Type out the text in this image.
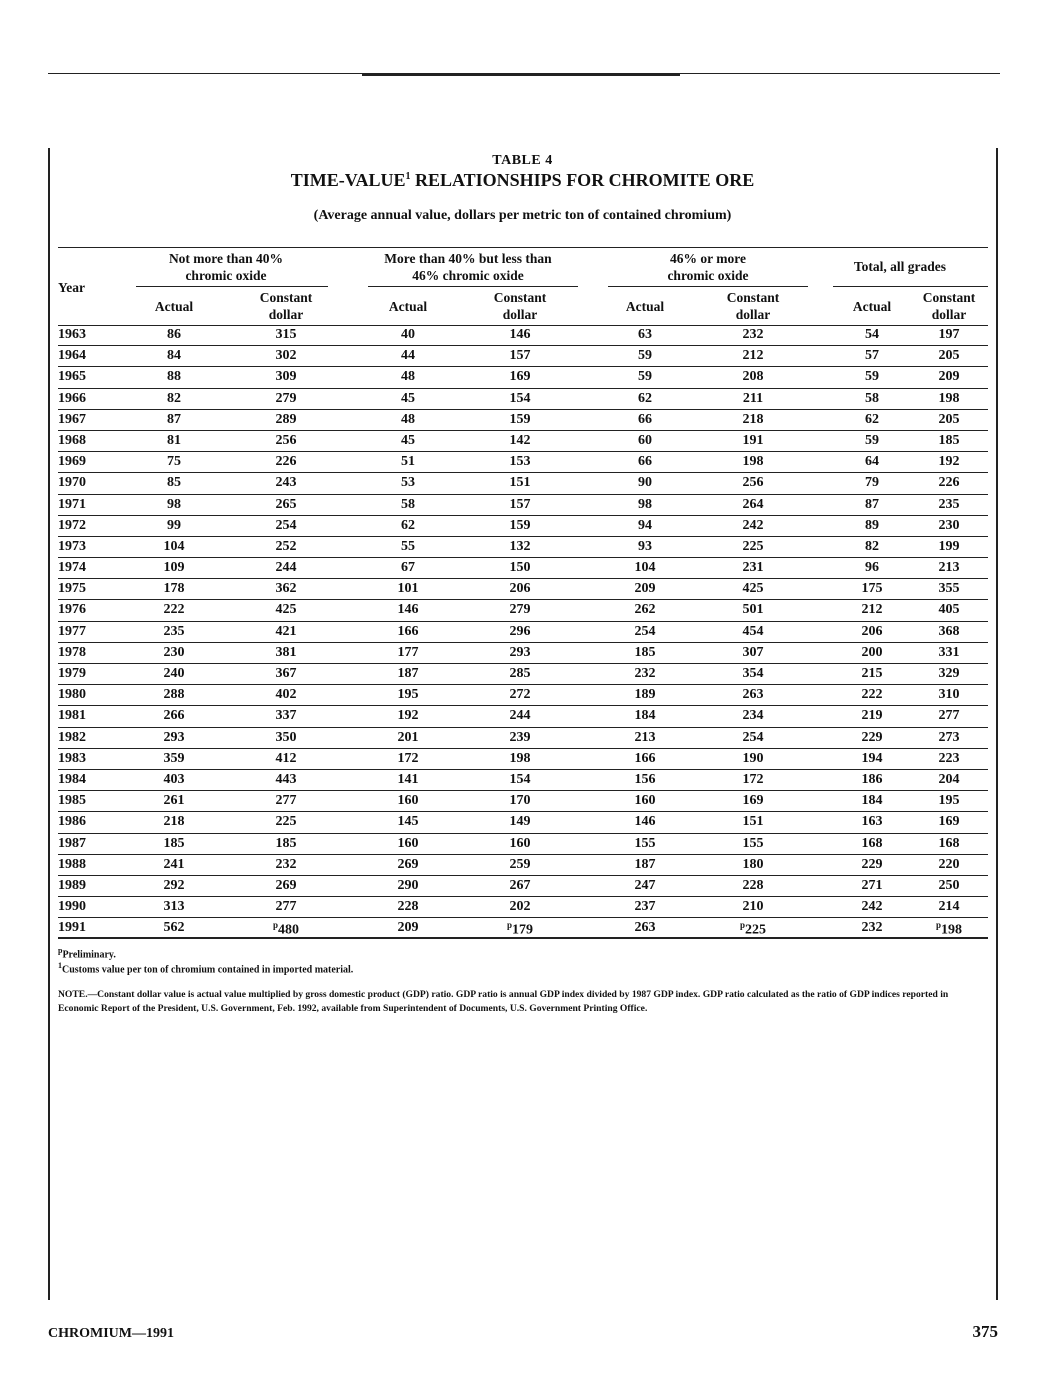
TABLE 4
TIME-VALUE$^1$ RELATIONSHIPS FOR CHROMITE ORE
(Average annual value, dollars per metric ton of contained chromium)
Year
Not more than 40%
chromic oxide
More than 40% but less than
46% chromic oxide
46% or more
chromic oxide
Total, all grades
Actual
Constant
dollar
Actual
Constant
dollar
Actual
Constant
dollar
Actual
Constant
dollar
1963	86	315	40	146	63	232	54	197
1964	84	302	44	157	59	212	57	205
1965	88	309	48	169	59	208	59	209
1966	82	279	45	154	62	211	58	198
1967	87	289	48	159	66	218	62	205
1968	81	256	45	142	60	191	59	185
1969	75	226	51	153	66	198	64	192
1970	85	243	53	151	90	256	79	226
1971	98	265	58	157	98	264	87	235
1972	99	254	62	159	94	242	89	230
1973	104	252	55	132	93	225	82	199
1974	109	244	67	150	104	231	96	213
1975	178	362	101	206	209	425	175	355
1976	222	425	146	279	262	501	212	405
1977	235	421	166	296	254	454	206	368
1978	230	381	177	293	185	307	200	331
1979	240	367	187	285	232	354	215	329
1980	288	402	195	272	189	263	222	310
1981	266	337	192	244	184	234	219	277
1982	293	350	201	239	213	254	229	273
1983	359	412	172	198	166	190	194	223
1984	403	443	141	154	156	172	186	204
1985	261	277	160	170	160	169	184	195
1986	218	225	145	149	146	151	163	169
1987	185	185	160	160	155	155	168	168
1988	241	232	269	259	187	180	229	220
1989	292	269	290	267	247	228	271	250
1990	313	277	228	202	237	210	242	214
1991	562	$^p$480	209	$^p$179	263	$^p$225	232	$^p$198
$^p$Preliminary.
$^1$Customs value per ton of chromium contained in imported material.
NOTE.—Constant dollar value is actual value multiplied by gross domestic product (GDP) ratio. GDP ratio is annual GDP index divided by 1987 GDP index. GDP ratio calculated as the ratio of GDP indices reported in Economic Report of the President, U.S. Government, Feb. 1992, available from Superintendent of Documents, U.S. Government Printing Office.
CHROMIUM—1991	375
